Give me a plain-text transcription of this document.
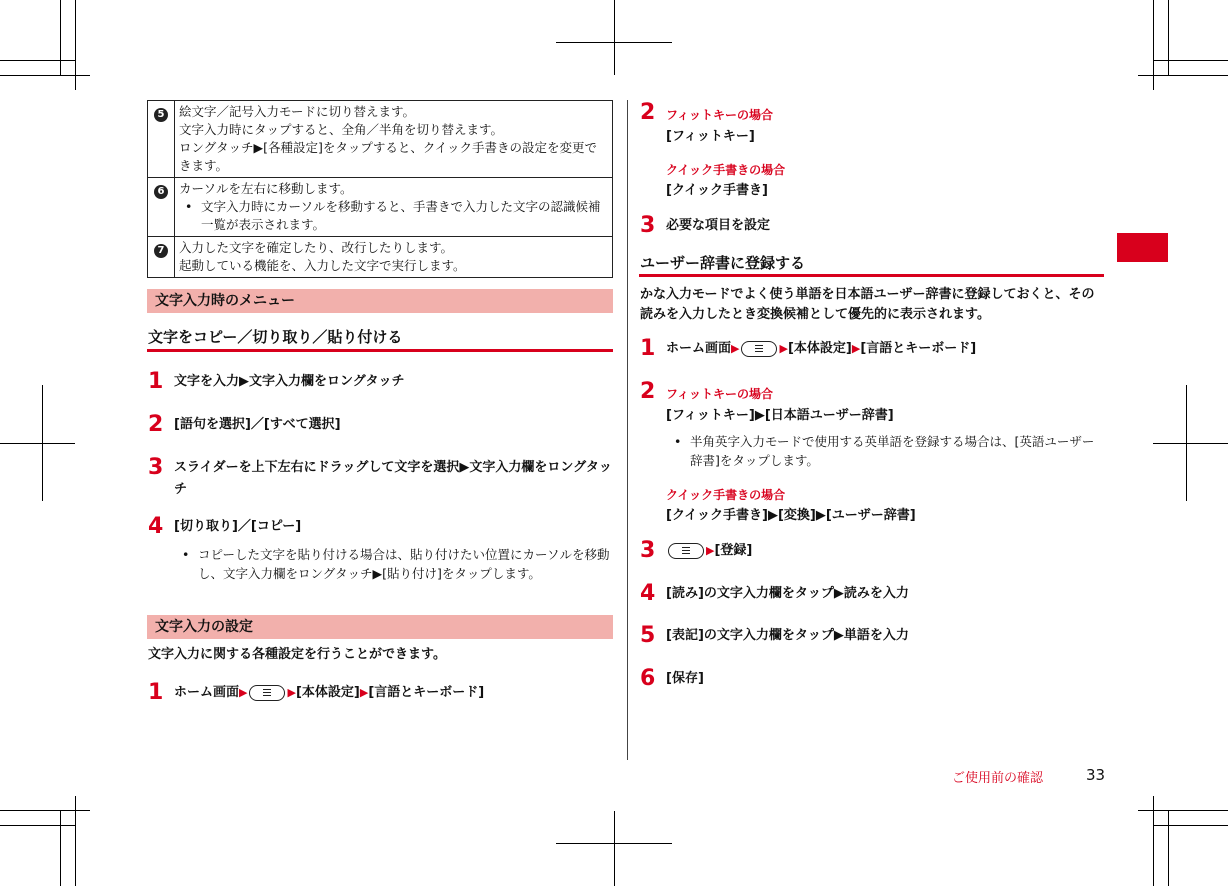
5	絵文字／記号入力モードに切り替えます。
文字入力時にタップすると、全角／半角を切り替えます。
ロングタッチ▶[各種設定]をタップすると、クイック手書きの設定を変更できます。

6	カーソルを左右に移動します。
• 文字入力時にカーソルを移動すると、手書きで入力した文字の認識候補一覧が表示されます。

7	入力した文字を確定したり、改行したりします。
起動している機能を、入力した文字で実行します。
文字入力時のメニュー
文字をコピー／切り取り／貼り付ける
1 文字を入力▶文字入力欄をロングタッチ
2 [語句を選択]／[すべて選択]
3 スライダーを上下左右にドラッグして文字を選択▶文字入力欄をロングタッチ
4 [切り取り]／[コピー]
• コピーした文字を貼り付ける場合は、貼り付けたい位置にカーソルを移動し、文字入力欄をロングタッチ▶[貼り付け]をタップします。
文字入力の設定
文字入力に関する各種設定を行うことができます。
1 ホーム画面▶	▶[本体設定]▶[言語とキーボード]
2 フィットキーの場合
[フィットキー]
クイック手書きの場合
[クイック手書き]
3 必要な項目を設定
ユーザー辞書に登録する
かな入力モードでよく使う単語を日本語ユーザー辞書に登録しておくと、その読みを入力したとき変換候補として優先的に表示されます。
1 ホーム画面▶	▶[本体設定]▶[言語とキーボード]
2 フィットキーの場合
[フィットキー]▶[日本語ユーザー辞書]
• 半角英字入力モードで使用する英単語を登録する場合は、[英語ユーザー辞書]をタップします。
クイック手書きの場合
[クイック手書き]▶[変換]▶[ユーザー辞書]
3	▶[登録]
4 [読み]の文字入力欄をタップ▶読みを入力
5 [表記]の文字入力欄をタップ▶単語を入力
6 [保存]
ご使用前の確認	33
